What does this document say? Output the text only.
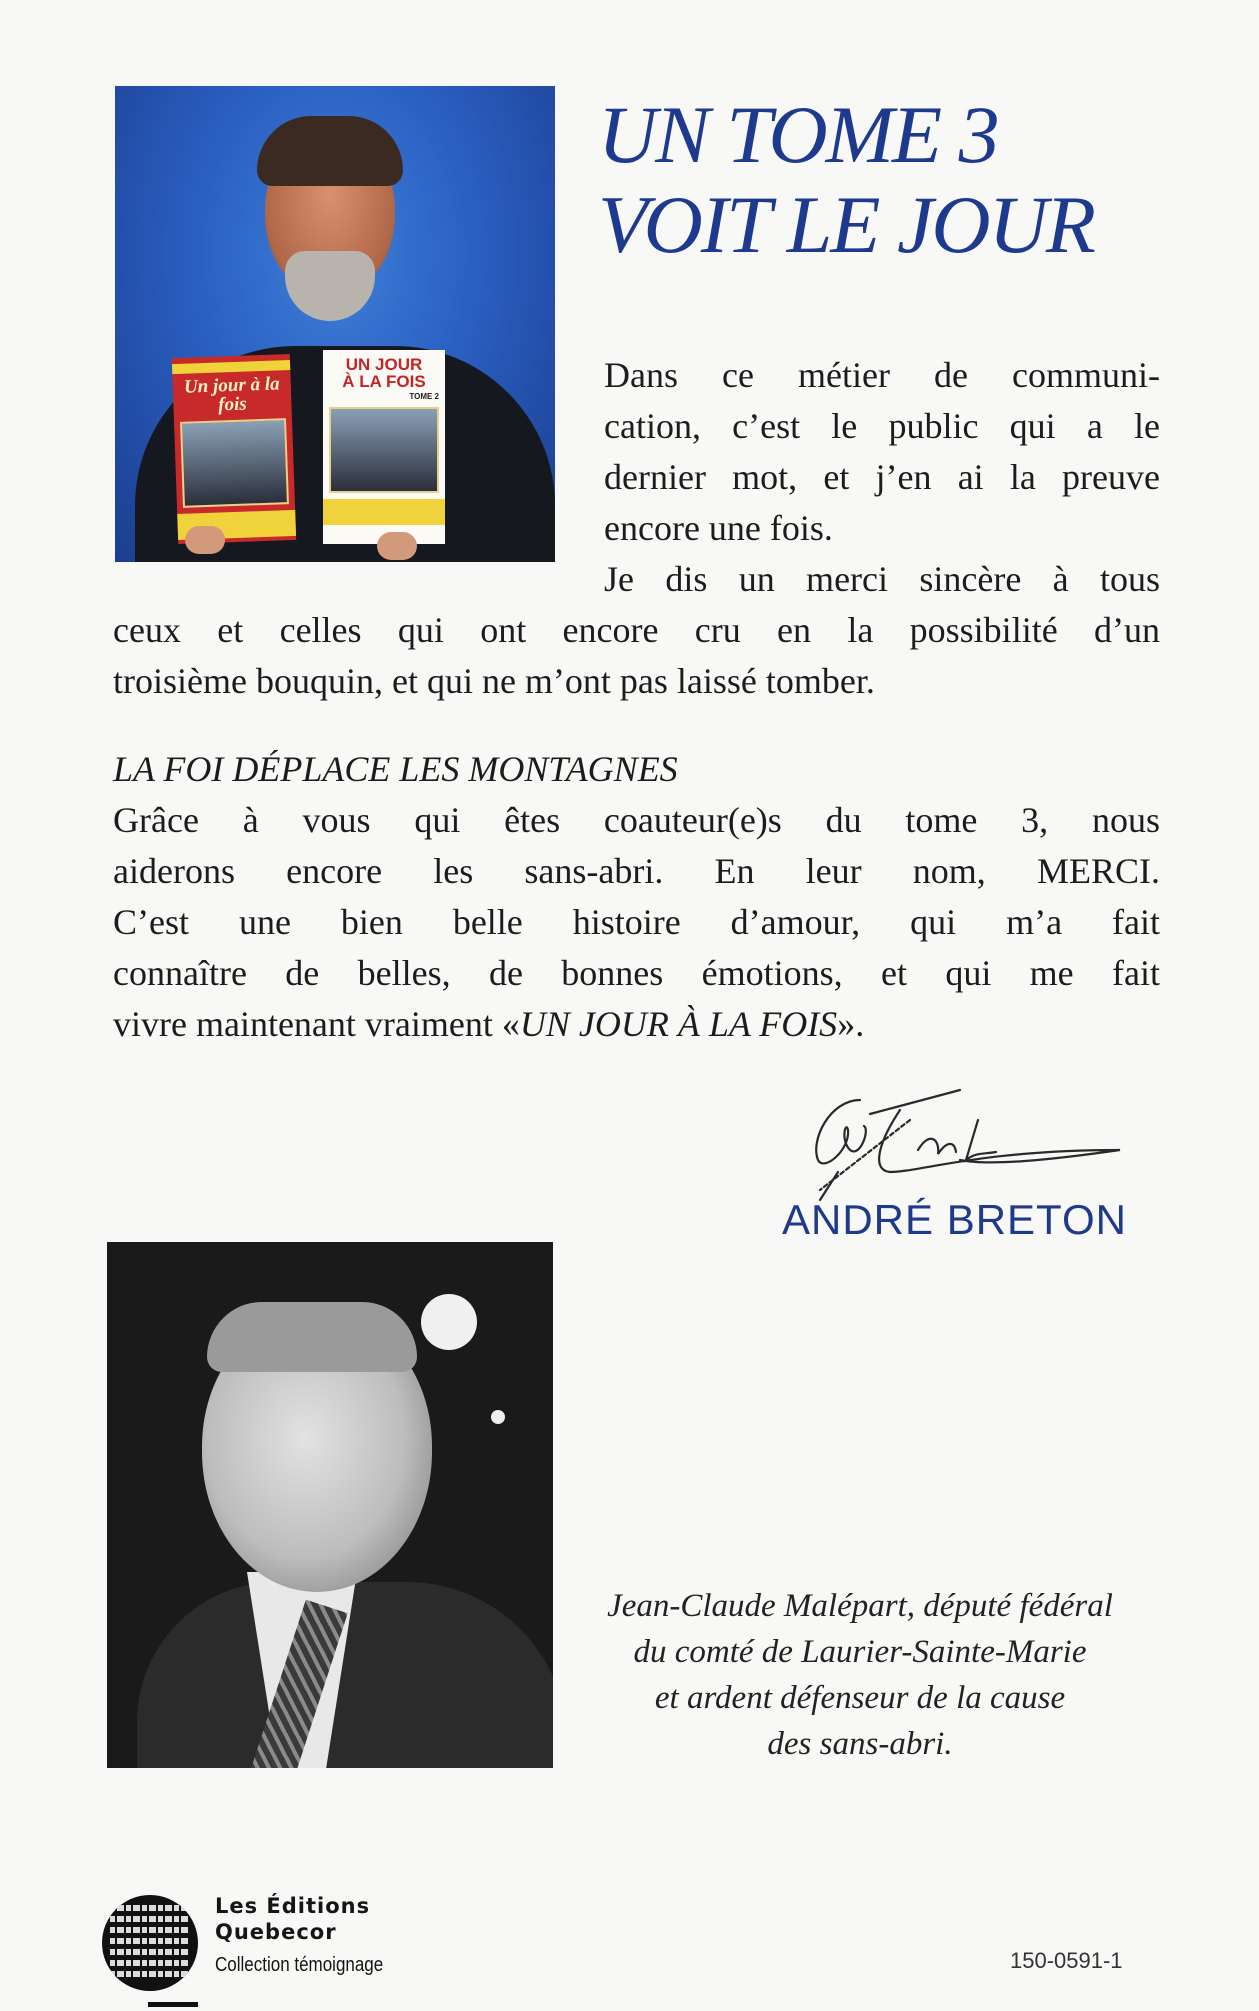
Un jour à la fois
UN JOUR
À LA FOIS
TOME 2
UN TOME 3
VOIT LE JOUR
Dans ce métier de communi-
cation, c’est le public qui a le
dernier mot, et j’en ai la preuve
encore une fois.
Je dis un merci sincère à tous
ceux et celles qui ont encore cru en la possibilité d’un
troisième bouquin, et qui ne m’ont pas laissé tomber.
LA FOI DÉPLACE LES MONTAGNES
Grâce à vous qui êtes coauteur(e)s du tome 3, nous
aiderons encore les sans-abri. En leur nom, MERCI.
C’est une bien belle histoire d’amour, qui m’a fait
connaître de belles, de bonnes émotions, et qui me fait
vivre maintenant vraiment «UN JOUR À LA FOIS».
ANDRÉ BRETON
Jean-Claude Malépart, député fédéral
du comté de Laurier-Sainte-Marie
et ardent défenseur de la cause
des sans-abri.
Les Éditions
Quebecor
Collection témoignage	150-0591-1
